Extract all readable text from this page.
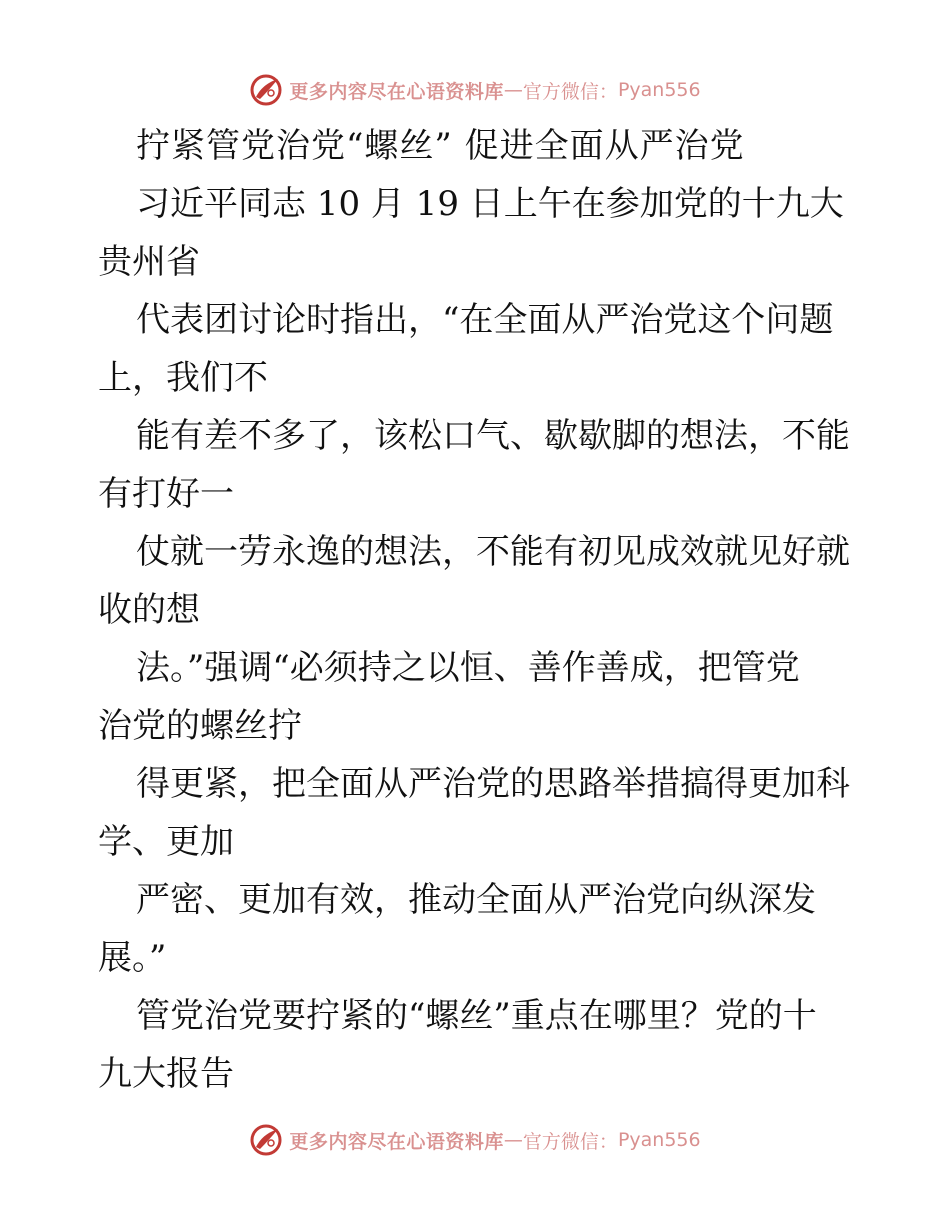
更多内容尽在心语资料库 — 官方微信： Pyan556
拧紧管党治党“螺丝” 促进全面从严治党
习近平同志 10 月 19 日上午在参加党的十九大
贵州省
代表团讨论时指出，“在全面从严治党这个问题
上，我们不
能有差不多了，该松口气、歇歇脚的想法，不能
有打好一
仗就一劳永逸的想法，不能有初见成效就见好就
收的想
法。”强调“必须持之以恒、善作善成，把管党
治党的螺丝拧
得更紧，把全面从严治党的思路举措搞得更加科
学、更加
严密、更加有效，推动全面从严治党向纵深发
展。”
管党治党要拧紧的“螺丝”重点在哪里？党的十
九大报告
更多内容尽在心语资料库 — 官方微信： Pyan556
